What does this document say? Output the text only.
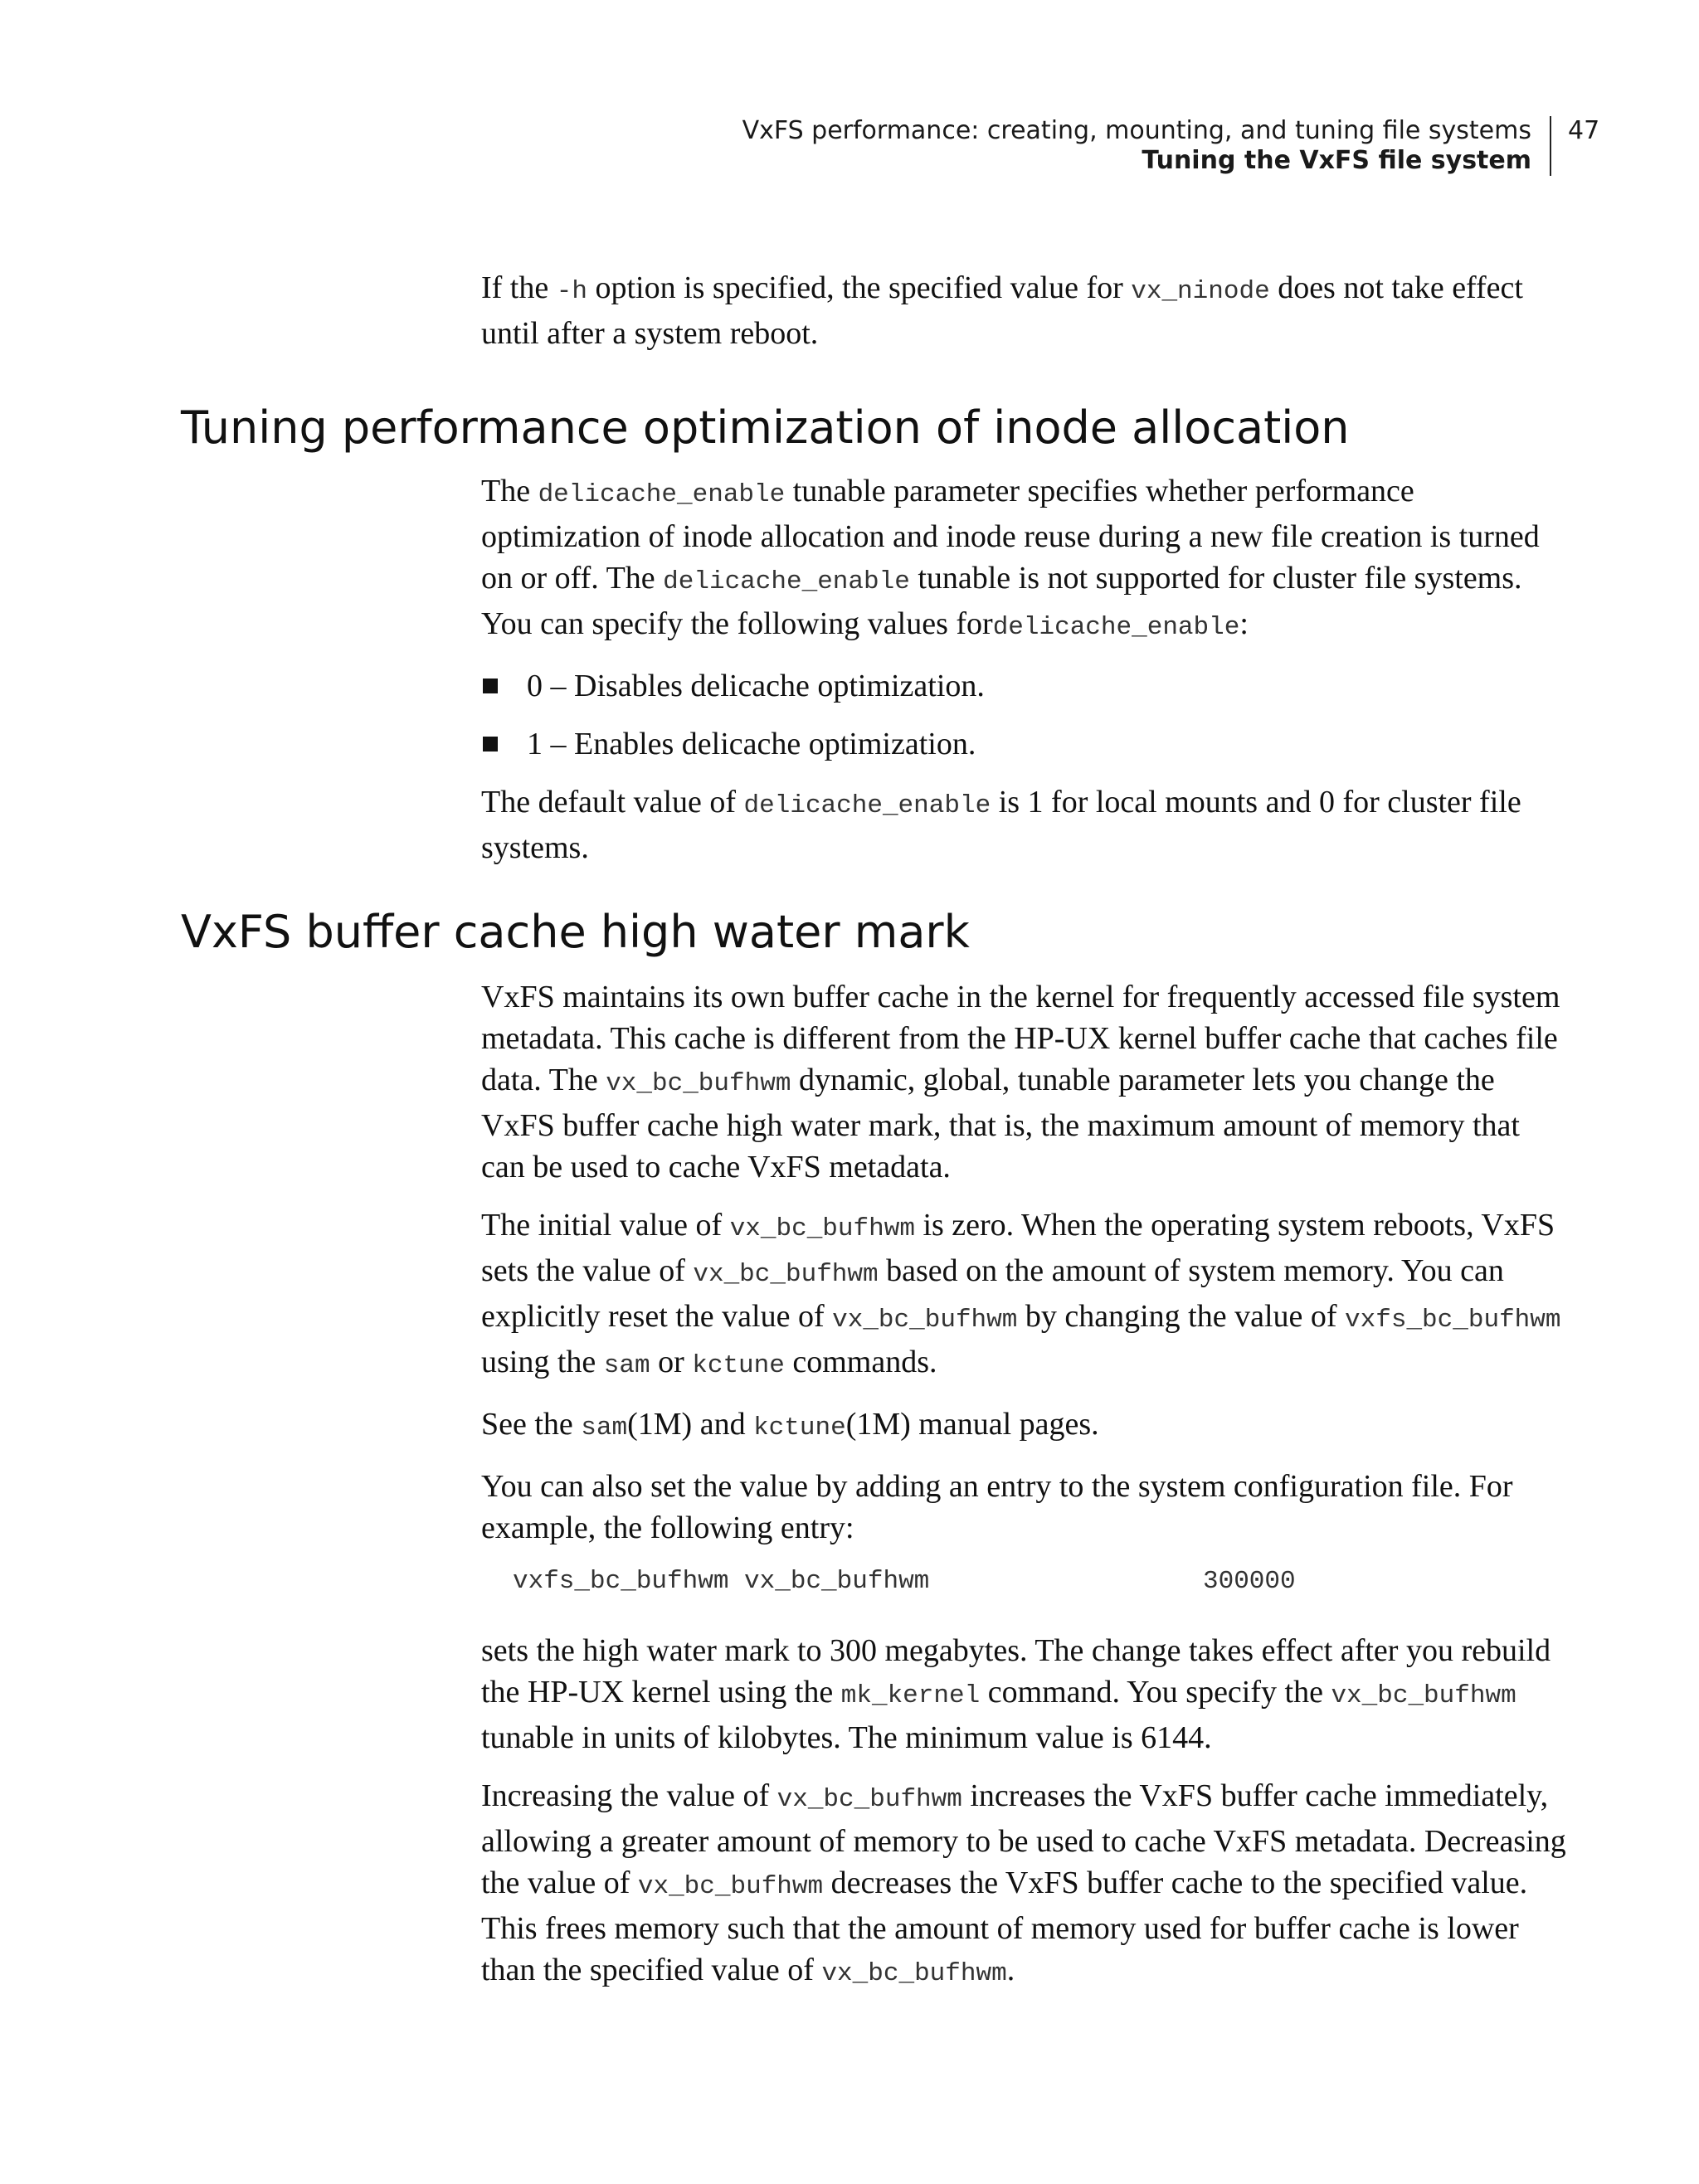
VxFS performance: creating, mounting, and tuning file systems
Tuning the VxFS file system
47

If the -h option is specified, the specified value for vx_ninode does not take effect until after a system reboot.

Tuning performance optimization of inode allocation

The delicache_enable tunable parameter specifies whether performance optimization of inode allocation and inode reuse during a new file creation is turned on or off. The delicache_enable tunable is not supported for cluster file systems. You can specify the following values fordelicache_enable:

0 – Disables delicache optimization.
1 – Enables delicache optimization.

The default value of delicache_enable is 1 for local mounts and 0 for cluster file systems.

VxFS buffer cache high water mark

VxFS maintains its own buffer cache in the kernel for frequently accessed file system metadata. This cache is different from the HP-UX kernel buffer cache that caches file data. The vx_bc_bufhwm dynamic, global, tunable parameter lets you change the VxFS buffer cache high water mark, that is, the maximum amount of memory that can be used to cache VxFS metadata.

The initial value of vx_bc_bufhwm is zero. When the operating system reboots, VxFS sets the value of vx_bc_bufhwm based on the amount of system memory. You can explicitly reset the value of vx_bc_bufhwm by changing the value of vxfs_bc_bufhwm using the sam or kctune commands.

See the sam(1M) and kctune(1M) manual pages.

You can also set the value by adding an entry to the system configuration file. For example, the following entry:

vxfs_bc_bufhwm vx_bc_bufhwm	300000

sets the high water mark to 300 megabytes. The change takes effect after you rebuild the HP-UX kernel using the mk_kernel command. You specify the vx_bc_bufhwm tunable in units of kilobytes. The minimum value is 6144.

Increasing the value of vx_bc_bufhwm increases the VxFS buffer cache immediately, allowing a greater amount of memory to be used to cache VxFS metadata. Decreasing the value of vx_bc_bufhwm decreases the VxFS buffer cache to the specified value. This frees memory such that the amount of memory used for buffer cache is lower than the specified value of vx_bc_bufhwm.
